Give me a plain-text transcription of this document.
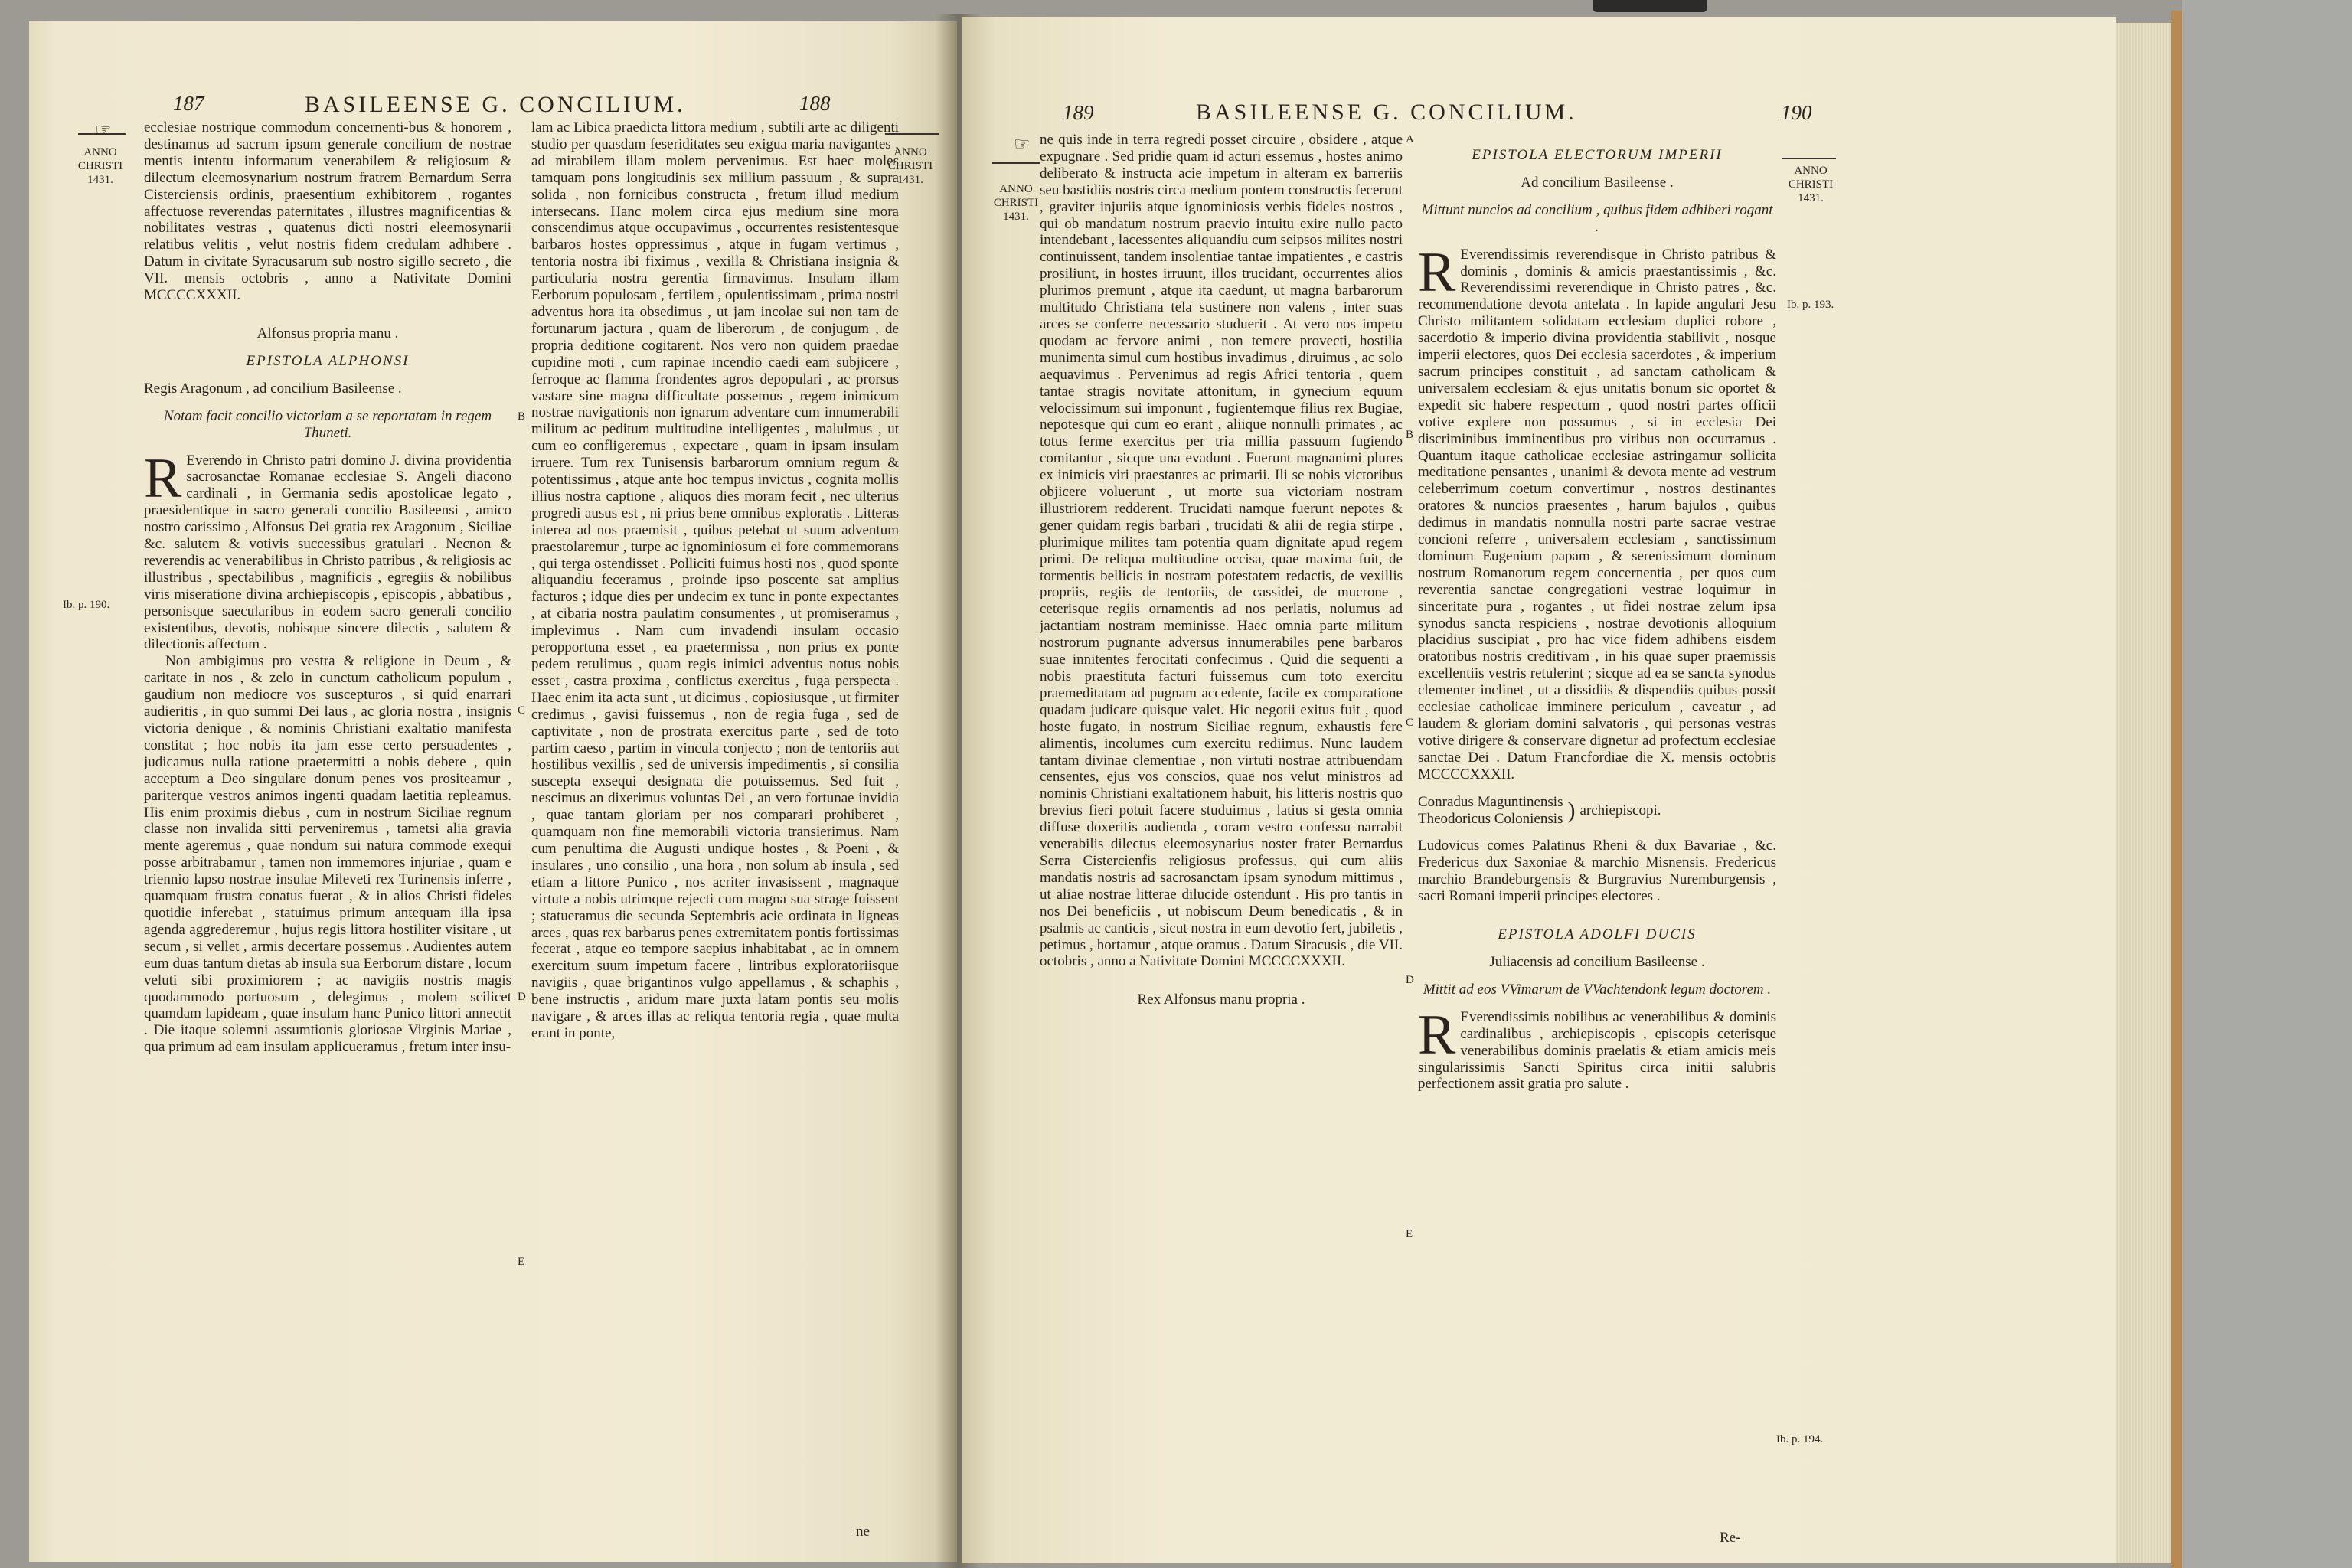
187	BASILEENSE G. CONCILIUM.	188
ANNO
CHRISTI
1431.
ANNO
CHRISTI
1431.
☞
Ib. p. 190.
B
C
D
E

ecclesiae nostrique commodum concernenti-bus & honorem , destinamus ad sacrum ipsum generale concilium de nostrae mentis intentu informatum venerabilem & religiosum & dilectum eleemosynarium nostrum fratrem Bernardum Serra Cisterciensis ordinis, praesentium exhibitorem , rogantes affectuose reverendas paternitates , illustres magnificentias & nobilitates vestras , quatenus dicti nostri eleemosynarii relatibus velitis , velut nostris fidem credulam adhibere . Datum in civitate Syracusarum sub nostro sigillo secreto , die VII. mensis octobris , anno a Nativitate Domini MCCCCXXXII.

Alfonsus propria manu .

EPISTOLA ALPHONSI

Regis Aragonum , ad concilium Basileense .

Notam facit concilio victoriam a se reportatam in regem Thuneti.

R Everendo in Christo patri domino J. divina providentia sacrosanctae Romanae ecclesiae S. Angeli diacono cardinali , in Germania sedis apostolicae legato , praesidentique in sacro generali concilio Basileensi , amico nostro carissimo , Alfonsus Dei gratia rex Aragonum , Siciliae &c. salutem & votivis successibus gratulari . Necnon & reverendis ac venerabilibus in Christo patribus , & religiosis ac illustribus , spectabilibus , magnificis , egregiis & nobilibus viris miseratione divina archiepiscopis , episcopis , abbatibus , personisque saecularibus in eodem sacro generali concilio existentibus, devotis, nobisque sincere dilectis , salutem & dilectionis affectum .

Non ambigimus pro vestra & religione in Deum , & caritate in nos , & zelo in cunctum catholicum populum , gaudium non mediocre vos suscepturos , si quid enarrari audieritis , in quo summi Dei laus , ac gloria nostra , insignis victoria denique , & nominis Christiani exaltatio manifesta constitat ; hoc nobis ita jam esse certo persuadentes , judicamus nulla ratione praetermitti a nobis debere , quin acceptum a Deo singulare donum penes vos prositeamur , pariterque vestros animos ingenti quadam laetitia repleamus. His enim proximis diebus , cum in nostrum Siciliae regnum classe non invalida sitti perveniremus , tametsi alia gravia mente ageremus , quae nondum sui natura commode exequi posse arbitrabamur , tamen non immemores injuriae , quam e triennio lapso nostrae insulae Mileveti rex Turinensis inferre , quamquam frustra conatus fuerat , & in alios Christi fideles quotidie inferebat , statuimus primum antequam illa ipsa agenda aggrederemur , hujus regis littora hostiliter visitare , ut secum , si vellet , armis decertare possemus . Audientes autem eum duas tantum dietas ab insula sua Eerborum distare , locum veluti sibi proximiorem ; ac navigiis nostris magis quodammodo portuosum , delegimus , molem scilicet quamdam lapideam , quae insulam hanc Punico littori annectit . Die itaque solemni assumtionis gloriosae Virginis Mariae , qua primum ad eam insulam applicueramus , fretum inter insu-

lam ac Libica praedicta littora medium , subtili arte ac diligenti studio per quasdam feseriditates seu exigua maria navigantes , ad mirabilem illam molem pervenimus. Est haec moles tamquam pons longitudinis sex millium passuum , & supra solida , non fornicibus constructa , fretum illud medium intersecans. Hanc molem circa ejus medium sine mora conscendimus atque occupavimus , occurrentes resistentesque barbaros hostes oppressimus , atque in fugam vertimus , tentoria nostra ibi fiximus , vexilla & Christiana insignia & particularia nostra gerentia firmavimus. Insulam illam Eerborum populosam , fertilem , opulentissimam , prima nostri adventus hora ita obsedimus , ut jam incolae sui non tam de fortunarum jactura , quam de liberorum , de conjugum , de propria deditione cogitarent. Nos vero non quidem praedae cupidine moti , cum rapinae incendio caedi eam subjicere , ferroque ac flamma frondentes agros depopulari , ac prorsus vastare sine magna difficultate possemus , regem inimicum nostrae navigationis non ignarum adventare cum innumerabili militum ac peditum multitudine intelligentes , malulmus , ut cum eo confligeremus , expectare , quam in ipsam insulam irruere. Tum rex Tunisensis barbarorum omnium regum & potentissimus , atque ante hoc tempus invictus , cognita mollis illius nostra captione , aliquos dies moram fecit , nec ulterius progredi ausus est , ni prius bene omnibus exploratis . Litteras interea ad nos praemisit , quibus petebat ut suum adventum praestolaremur , turpe ac ignominiosum ei fore commemorans , qui terga ostendisset . Polliciti fuimus hosti nos , quod sponte aliquandiu feceramus , proinde ipso poscente sat amplius facturos ; idque dies per undecim ex tunc in ponte expectantes , at cibaria nostra paulatim consumentes , ut promiseramus , implevimus . Nam cum invadendi insulam occasio peropportuna esset , ea praetermissa , non prius ex ponte pedem retulimus , quam regis inimici adventus notus nobis esset , castra proxima , conflictus exercitus , fuga perspecta . Haec enim ita acta sunt , ut dicimus , copiosiusque , ut firmiter credimus , gavisi fuissemus , non de regia fuga , sed de captivitate , non de prostrata exercitus parte , sed de toto partim caeso , partim in vincula conjecto ; non de tentoriis aut hostilibus vexillis , sed de universis impedimentis , si consilia suscepta exsequi designata die potuissemus. Sed fuit , nescimus an dixerimus voluntas Dei , an vero fortunae invidia , quae tantam gloriam per nos comparari prohiberet , quamquam non fine memorabili victoria transierimus. Nam cum penultima die Augusti undique hostes , & Poeni , & insulares , uno consilio , una hora , non solum ab insula , sed etiam a littore Punico , nos acriter invasissent , magnaque virtute a nobis utrimque rejecti cum magna sua strage fuissent ; statueramus die secunda Septembris acie ordinata in ligneas arces , quas rex barbarus penes extremitatem pontis fortissimas fecerat , atque eo tempore saepius inhabitabat , ac in omnem exercitum suum impetum facere , lintribus exploratoriisque navigiis , quae brigantinos vulgo appellamus , & schaphis , bene instructis , aridum mare juxta latam pontis seu molis navigare , & arces illas ac reliqua tentoria regia , quae multa erant in ponte,

ne
189	BASILEENSE G. CONCILIUM.	190
ANNO
CHRISTI
1431.
ANNO
CHRISTI
1431.
☞	A
B
C
D
E
Ib. p. 193.
Ib. p. 194.

ne quis inde in terra regredi posset circuire , obsidere , atque expugnare . Sed pridie quam id acturi essemus , hostes animo deliberato & instructa acie impetum in alteram ex barreriis seu bastidiis nostris circa medium pontem constructis fecerunt , graviter injuriis atque ignominiosis verbis fideles nostros , qui ob mandatum nostrum praevio intuitu exire nullo pacto intendebant , lacessentes aliquandiu cum seipsos milites nostri continuissent, tandem insolentiae tantae impatientes , e castris prosiliunt, in hostes irruunt, illos trucidant, occurrentes alios plurimos premunt , atque ita caedunt, ut magna barbarorum multitudo Christiana tela sustinere non valens , inter suas arces se conferre necessario studuerit . At vero nos impetu quodam ac fervore animi , non temere provecti, hostilia munimenta simul cum hostibus invadimus , diruimus , ac solo aequavimus . Pervenimus ad regis Africi tentoria , quem tantae stragis novitate attonitum, in gynecium equum velocissimum sui imponunt , fugientemque filius rex Bugiae, nepotesque qui cum eo erant , aliique nonnulli primates , ac totus ferme exercitus per tria millia passuum fugiendo comitantur , sicque una evadunt . Fuerunt magnanimi plures ex inimicis viri praestantes ac primarii. Ili se nobis victoribus objicere voluerunt , ut morte sua victoriam nostram illustriorem redderent. Trucidati namque fuerunt nepotes & gener quidam regis barbari , trucidati & alii de regia stirpe , plurimique milites tam potentia quam dignitate apud regem primi. De reliqua multitudine occisa, quae maxima fuit, de tormentis bellicis in nostram potestatem redactis, de vexillis propriis, regiis de tentoriis, de cassidei, de mucrone , ceterisque regiis ornamentis ad nos perlatis, nolumus ad jactantiam nostram meminisse. Haec omnia parte militum nostrorum pugnante adversus innumerabiles pene barbaros suae innitentes ferocitati confecimus . Quid die sequenti a nobis praestituta facturi fuissemus cum toto exercitu praemeditatam ad pugnam accedente, facile ex comparatione quadam judicare quisque valet. Hic negotii exitus fuit , quod hoste fugato, in nostrum Siciliae regnum, exhaustis fere alimentis, incolumes cum exercitu rediimus. Nunc laudem tantam divinae clementiae , non virtuti nostrae attribuendam censentes, ejus vos conscios, quae nos velut ministros ad nominis Christiani exaltationem habuit, his litteris nostris quo brevius fieri potuit facere studuimus , latius si gesta omnia diffuse doxeritis audienda , coram vestro confessu narrabit venerabilis dilectus eleemosynarius noster frater Bernardus Serra Cistercienfis religiosus professus, qui cum aliis mandatis nostris ad sacrosanctam ipsam synodum mittimus , ut aliae nostrae litterae dilucide ostendunt . His pro tantis in nos Dei beneficiis , ut nobiscum Deum benedicatis , & in psalmis ac canticis , sicut nostra in eum devotio fert, jubiletis , petimus , hortamur , atque oramus . Datum Siracusis , die VII. octobris , anno a Nativitate Domini MCCCCXXXII.

Rex Alfonsus manu propria .

EPISTOLA ELECTORUM IMPERII

Ad concilium Basileense .

Mittunt nuncios ad concilium , quibus fidem adhiberi rogant .

R Everendissimis reverendisque in Christo patribus & dominis , dominis & amicis praestantissimis , &c. Reverendissimi reverendique in Christo patres , &c. recommendatione devota antelata . In lapide angulari Jesu Christo militantem solidatam ecclesiam duplici robore , sacerdotio & imperio divina providentia stabilivit , nosque imperii electores, quos Dei ecclesia sacerdotes , & imperium sacrum principes constituit , ad sanctam catholicam & universalem ecclesiam & ejus unitatis bonum sic oportet & expedit sic habere respectum , quod nostri partes officii votive explere non possumus , si in ecclesia Dei discriminibus imminentibus pro viribus non occurramus . Quantum itaque catholicae ecclesiae astringamur sollicita meditatione pensantes , unanimi & devota mente ad vestrum celeberrimum coetum convertimur , nostros destinantes oratores & nuncios praesentes , harum bajulos , quibus dedimus in mandatis nonnulla nostri parte sacrae vestrae concioni referre , universalem ecclesiam , sanctissimum dominum Eugenium papam , & serenissimum dominum nostrum Romanorum regem concernentia , per quos cum reverentia sanctae congregationi vestrae loquimur in sinceritate pura , rogantes , ut fidei nostrae zelum ipsa synodus sancta respiciens , nostrae devotionis alloquium placidius suscipiat , pro hac vice fidem adhibens eisdem oratoribus nostris creditivam , in his quae super praemissis excellentiis vestris retulerint ; sicque ad ea se sancta synodus clementer inclinet , ut a dissidiis & dispendiis quibus possit ecclesiae catholicae imminere periculum , caveatur , ad laudem & gloriam domini salvatoris , qui personas vestras votive dirigere & conservare dignetur ad profectum ecclesiae sanctae Dei . Datum Francfordiae die X. mensis octobris MCCCCXXXII.

Conradus Maguntinensis
Theodoricus Coloniensis ) archiepiscopi.

Ludovicus comes Palatinus Rheni & dux Bavariae , &c. Fredericus dux Saxoniae & marchio Misnensis. Fredericus marchio Brandeburgensis & Burgravius Nuremburgensis , sacri Romani imperii principes electores .

EPISTOLA ADOLFI DUCIS

Juliacensis ad concilium Basileense .

Mittit ad eos VVimarum de VVachtendonk legum doctorem .

R Everendissimis nobilibus ac venerabilibus & dominis cardinalibus , archiepiscopis , episcopis ceterisque venerabilibus dominis praelatis & etiam amicis meis singularissimis Sancti Spiritus circa initii salubris perfectionem assit gratia pro salute .

Re-
